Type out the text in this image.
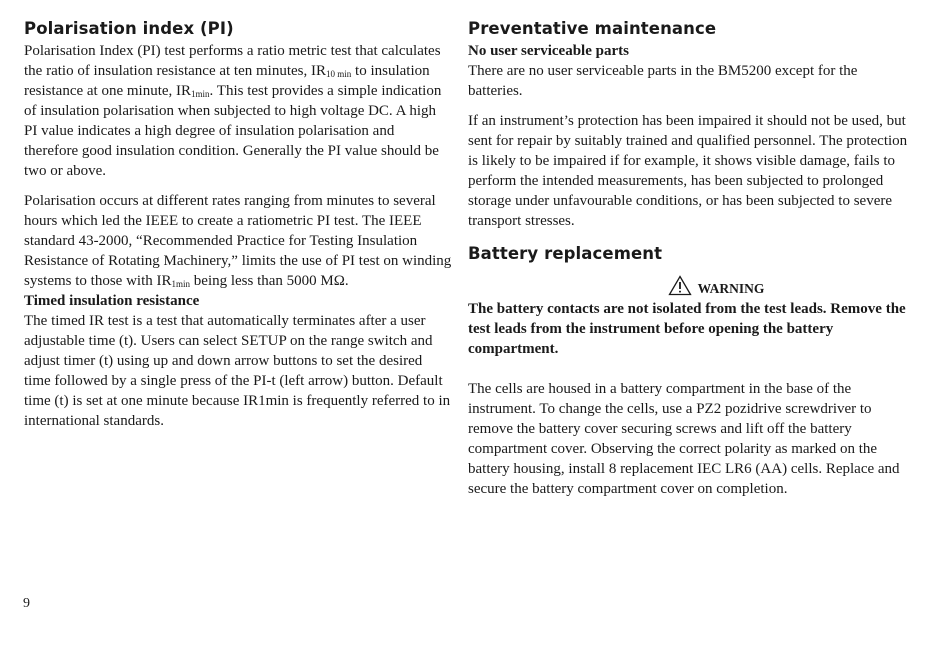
Polarisation index (PI)

Polarisation Index (PI) test performs a ratio metric test that calculates the ratio of insulation resistance at ten minutes, $IR_{10 min}$ to insulation resistance at one minute, $IR_{1min}$. This test provides a simple indication of insulation polarisation when subjected to high voltage DC. A high PI value indicates a high degree of insulation polarisation and therefore good insulation condition. Generally the PI value should be two or above.

Polarisation occurs at different rates ranging from minutes to several hours which led the IEEE to create a ratiometric PI test. The IEEE standard 43-2000, “Recommended Practice for Testing Insulation Resistance of Rotating Machinery,” limits the use of PI test on winding systems to those with $IR_{1min}$ being less than 5000 MΩ.

Timed insulation resistance

The timed IR test is a test that automatically terminates after a user adjustable time (t). Users can select SETUP on the range switch and adjust timer (t) using up and down arrow buttons to set the desired time followed by a single press of the PI-t (left arrow) button. Default time (t) is set at one minute because IR1min is frequently referred to in international standards.

Preventative maintenance

No user serviceable parts

There are no user serviceable parts in the BM5200 except for the batteries.

If an instrument’s protection has been impaired it should not be used, but sent for repair by suitably trained and qualified personnel. The protection is likely to be impaired if for example, it shows visible damage, fails to perform the intended measurements, has been subjected to prolonged storage under unfavourable conditions, or has been subjected to severe transport stresses.

Battery replacement
WARNING

The battery contacts are not isolated from the test leads. Remove the test leads from the instrument before opening the battery compartment.

The cells are housed in a battery compartment in the base of the instrument. To change the cells, use a PZ2 pozidrive screwdriver to remove the battery cover securing screws and lift off the battery compartment cover. Observing the correct polarity as marked on the battery housing, install 8 replacement IEC LR6 (AA) cells. Replace and secure the battery compartment cover on completion.

9
